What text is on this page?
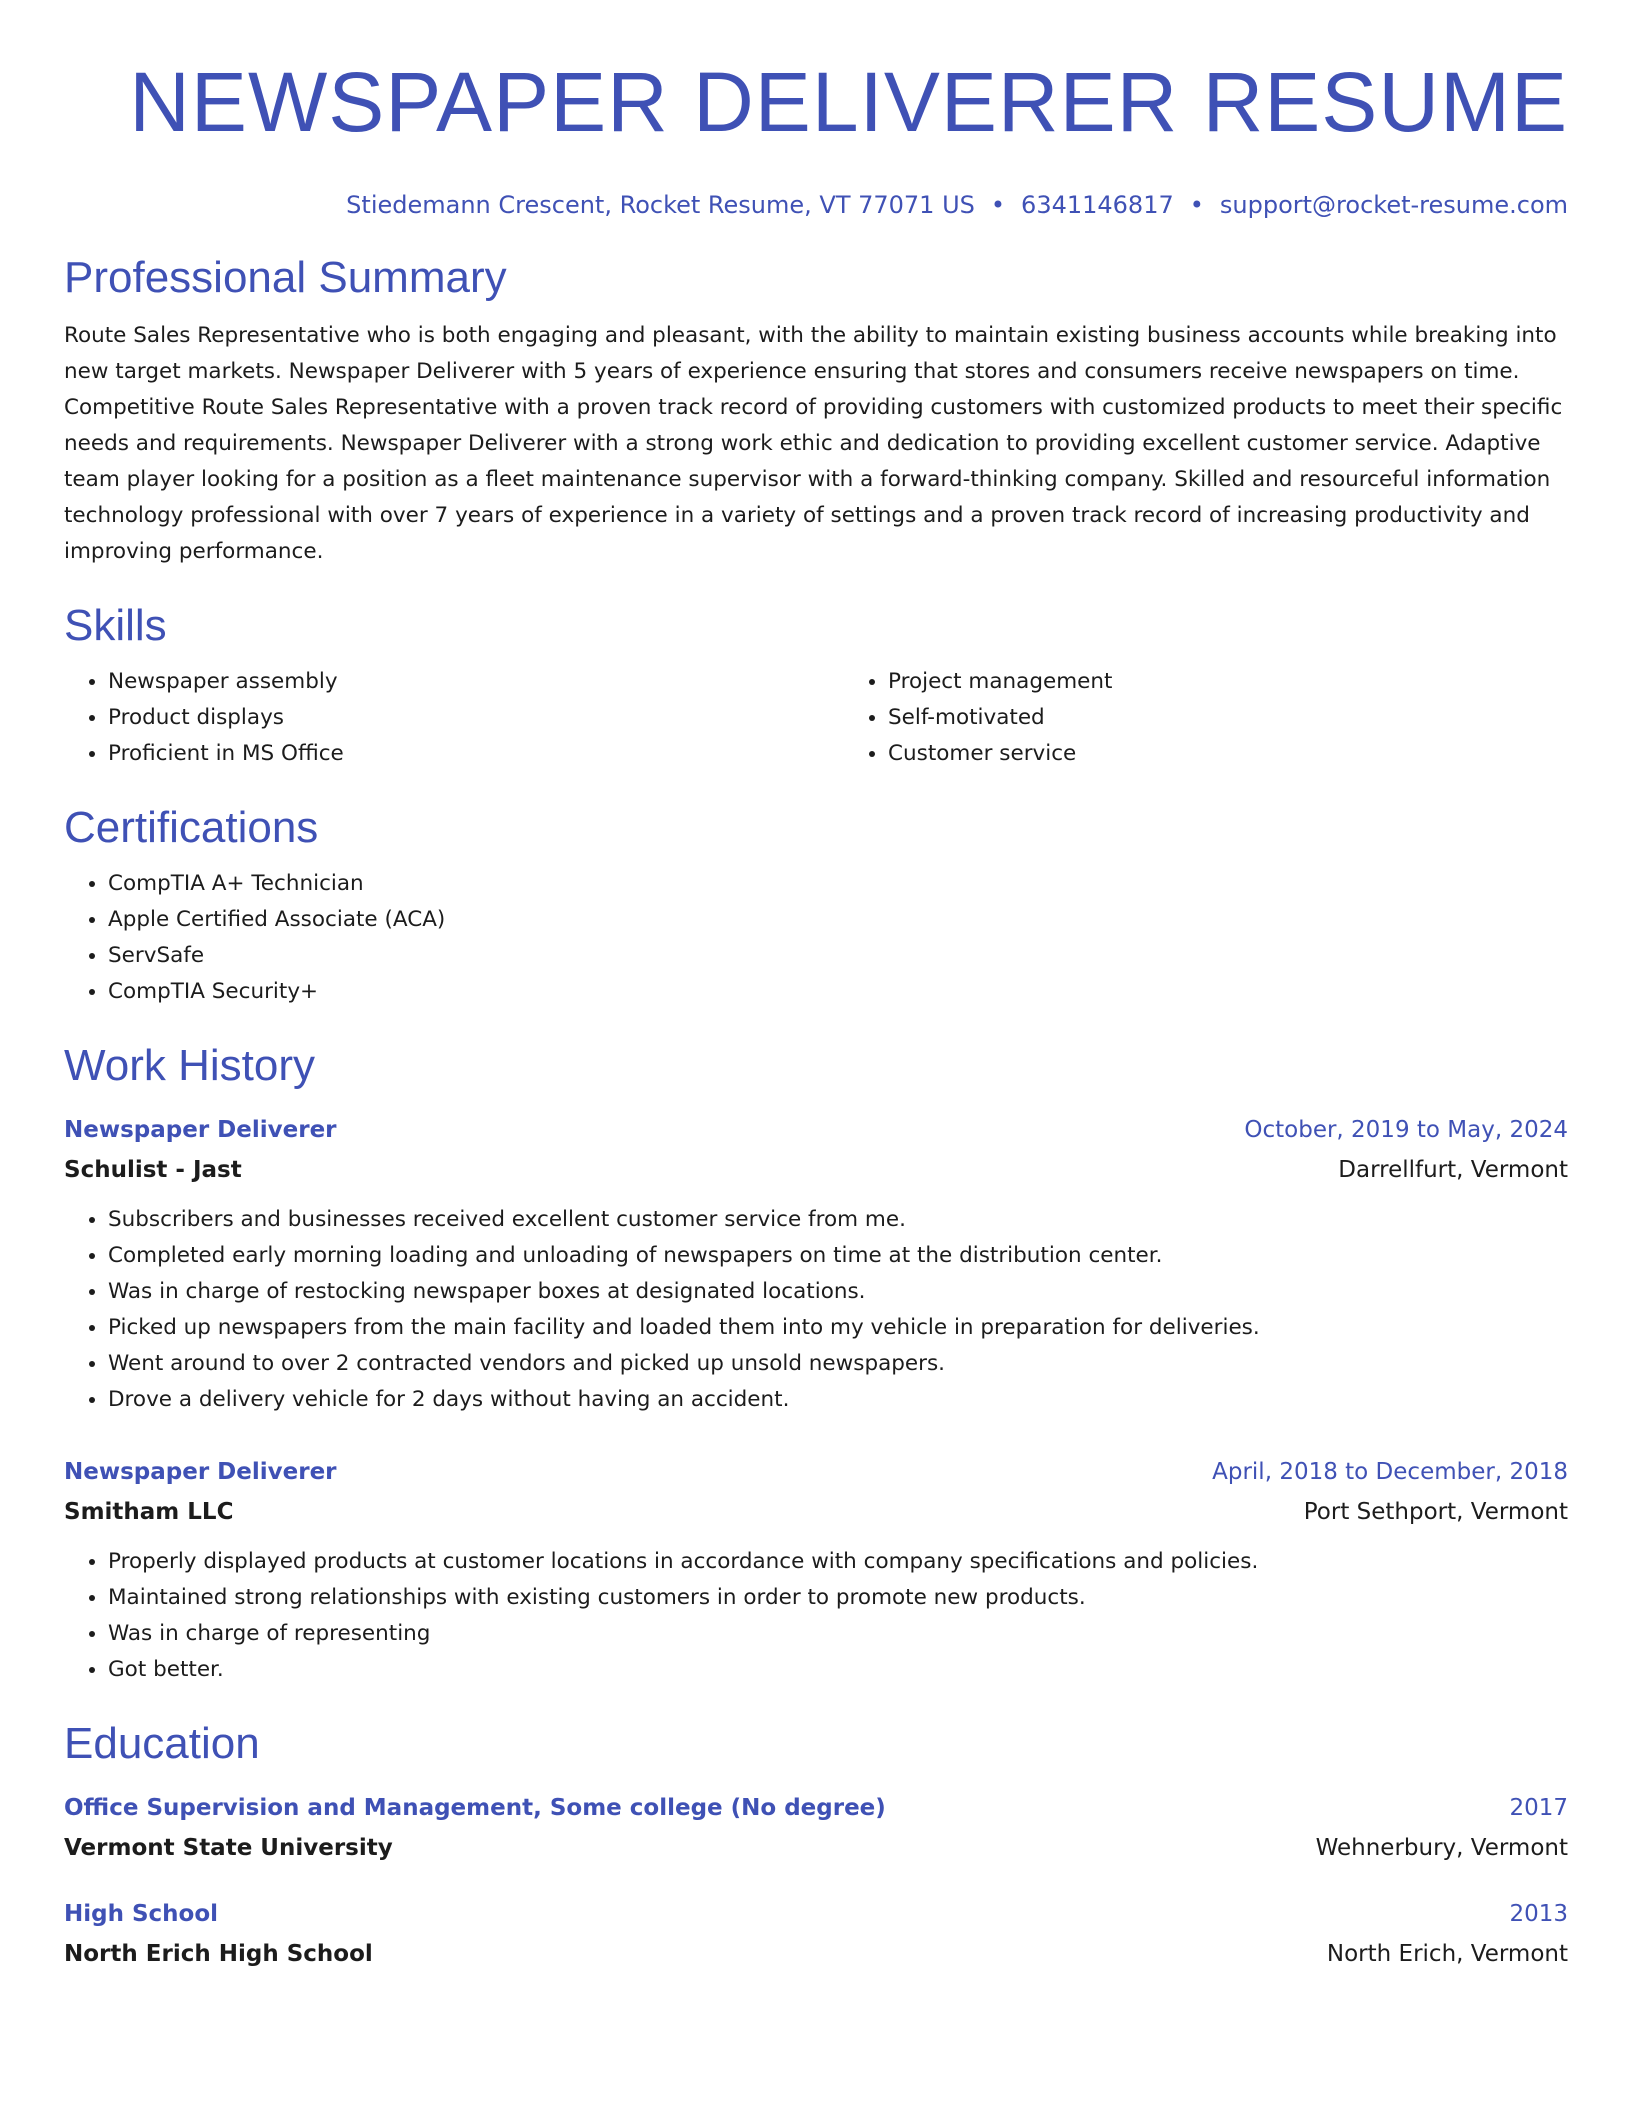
NEWSPAPER DELIVERER RESUME
Stiedemann Crescent, Rocket Resume, VT 77071 US • 6341146817 • support@rocket-resume.com
Professional Summary
Route Sales Representative who is both engaging and pleasant, with the ability to maintain existing business accounts while breaking into new target markets. Newspaper Deliverer with 5 years of experience ensuring that stores and consumers receive newspapers on time. Competitive Route Sales Representative with a proven track record of providing customers with customized products to meet their specific needs and requirements. Newspaper Deliverer with a strong work ethic and dedication to providing excellent customer service. Adaptive team player looking for a position as a fleet maintenance supervisor with a forward-thinking company. Skilled and resourceful information technology professional with over 7 years of experience in a variety of settings and a proven track record of increasing productivity and improving performance.
Skills
• Newspaper assembly
• Product displays
• Proficient in MS Office
• Project management
• Self-motivated
• Customer service
Certifications
• CompTIA A+ Technician
• Apple Certified Associate (ACA)
• ServSafe
• CompTIA Security+
Work History
Newspaper Deliverer	October, 2019 to May, 2024
Schulist - Jast	Darrellfurt, Vermont
• Subscribers and businesses received excellent customer service from me.
• Completed early morning loading and unloading of newspapers on time at the distribution center.
• Was in charge of restocking newspaper boxes at designated locations.
• Picked up newspapers from the main facility and loaded them into my vehicle in preparation for deliveries.
• Went around to over 2 contracted vendors and picked up unsold newspapers.
• Drove a delivery vehicle for 2 days without having an accident.
Newspaper Deliverer	April, 2018 to December, 2018
Smitham LLC	Port Sethport, Vermont
• Properly displayed products at customer locations in accordance with company specifications and policies.
• Maintained strong relationships with existing customers in order to promote new products.
• Was in charge of representing
• Got better.
Education
Office Supervision and Management, Some college (No degree)	2017
Vermont State University	Wehnerbury, Vermont
High School	2013
North Erich High School	North Erich, Vermont
